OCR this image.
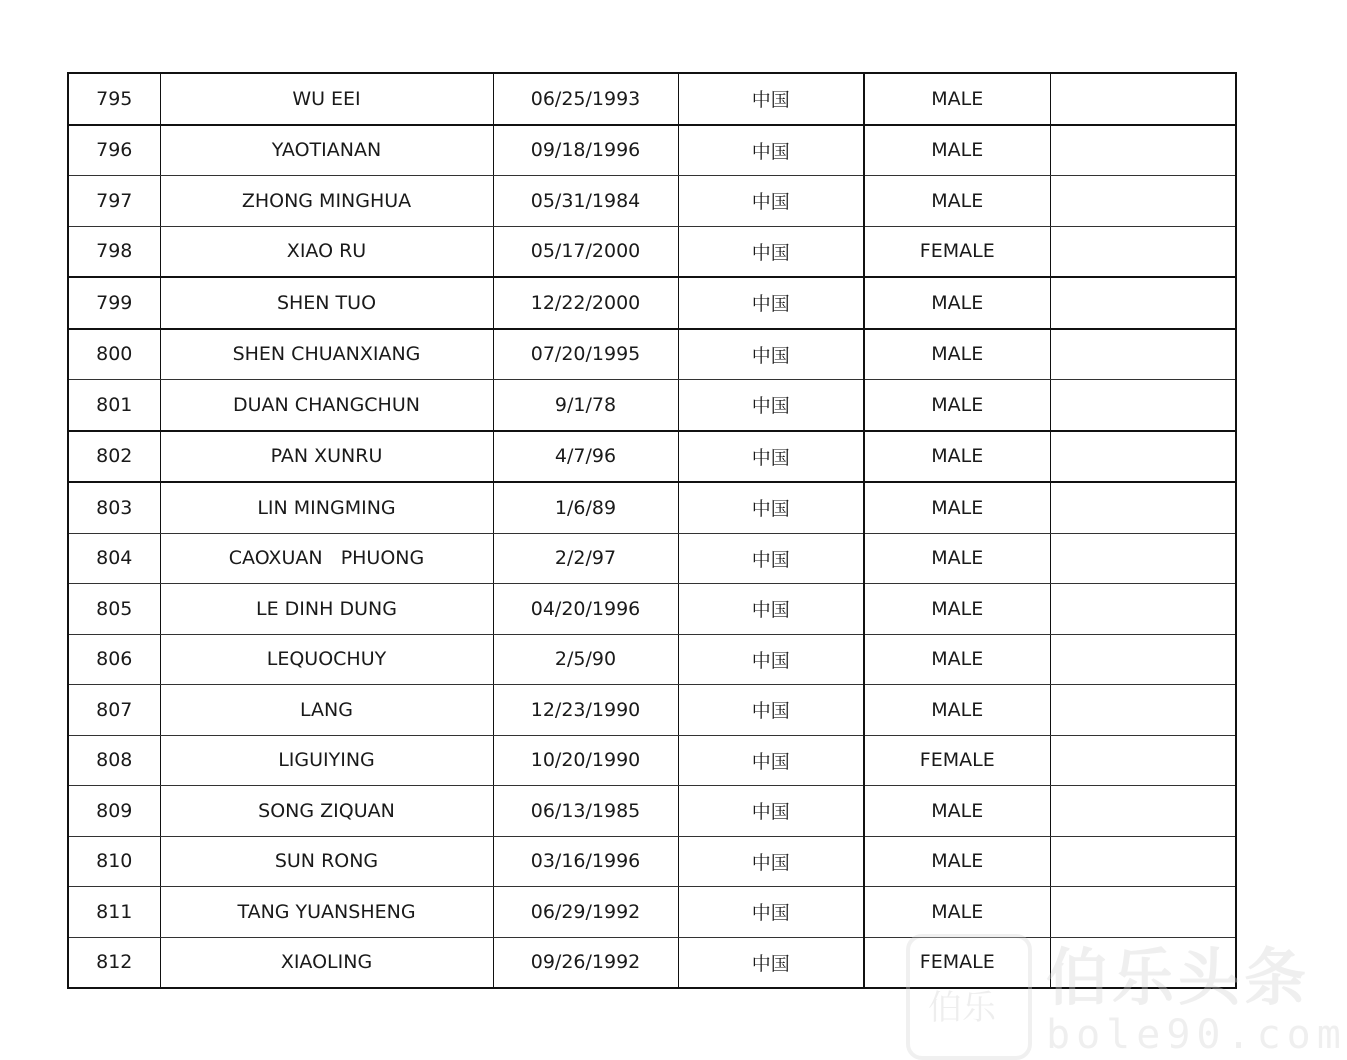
795	WU EEI	06/25/1993	中国	MALE	
796	YAOTIANAN	09/18/1996	中国	MALE	
797	ZHONG MINGHUA	05/31/1984	中国	MALE	
798	XIAO RU	05/17/2000	中国	FEMALE	
799	SHEN TUO	12/22/2000	中国	MALE	
800	SHEN CHUANXIANG	07/20/1995	中国	MALE	
801	DUAN CHANGCHUN	9/1/78	中国	MALE	
802	PAN XUNRU	4/7/96	中国	MALE	
803	LIN MINGMING	1/6/89	中国	MALE	
804	CAOXUAN   PHUONG	2/2/97	中国	MALE	
805	LE DINH DUNG	04/20/1996	中国	MALE	
806	LEQUOCHUY	2/5/90	中国	MALE	
807	LANG	12/23/1990	中国	MALE	
808	LIGUIYING	10/20/1990	中国	FEMALE	
809	SONG ZIQUAN	06/13/1985	中国	MALE	
810	SUN RONG	03/16/1996	中国	MALE	
811	TANG YUANSHENG	06/29/1992	中国	MALE	
812	XIAOLING	09/26/1992	中国	FEMALE	
伯乐 伯乐头条
bole90.com
